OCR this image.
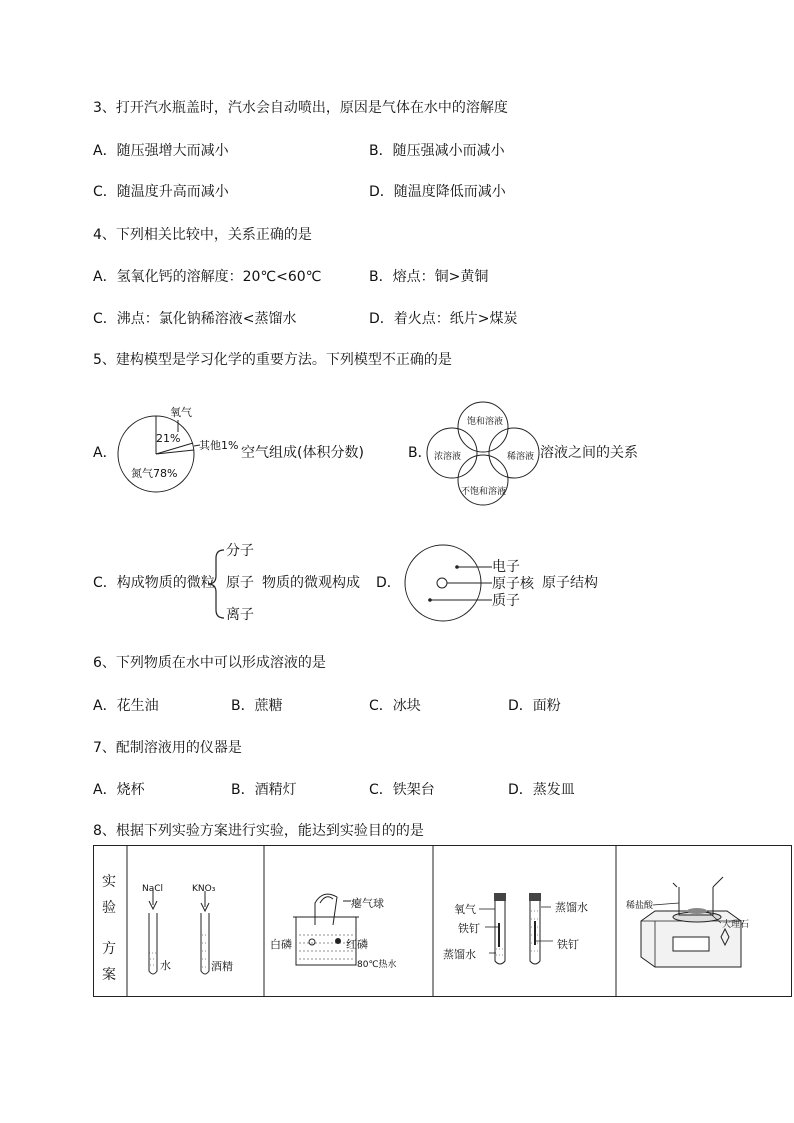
3、打开汽水瓶盖时，汽水会自动喷出，原因是气体在水中的溶解度
A．随压强增大而减小	B．随压强减小而减小
C．随温度升高而减小	D．随温度降低而减小
4、下列相关比较中，关系正确的是
A．氢氧化钙的溶解度：20℃<60℃	B．熔点：铜>黄铜
C．沸点：氯化钠稀溶液<蒸馏水	D．着火点：纸片>煤炭
5、建构模型是学习化学的重要方法。下列模型不正确的是
A．
氧气
21%
其他1%
氮气78%
空气组成(体积分数)	B．
饱和溶液
浓溶液	稀溶液
不饱和溶液
溶液之间的关系
C．构成物质的微粒
分子
原子
离子
物质的微观构成 D．
电子
原子核
质子
原子结构
6、下列物质在水中可以形成溶液的是
A．花生油	B．蔗糖	C．冰块	D．面粉
7、配制溶液用的仪器是
A．烧杯	B．酒精灯	C．铁架台	D．蒸发皿
8、根据下列实验方案进行实验，能达到实验目的的是
实
验
方
案
NaCl	KNO₃
水	酒精
瘪气球
白磷	红磷
80℃热水
氧气
铁钉
蒸馏水
蒸馏水
铁钉
稀盐酸
大理石
